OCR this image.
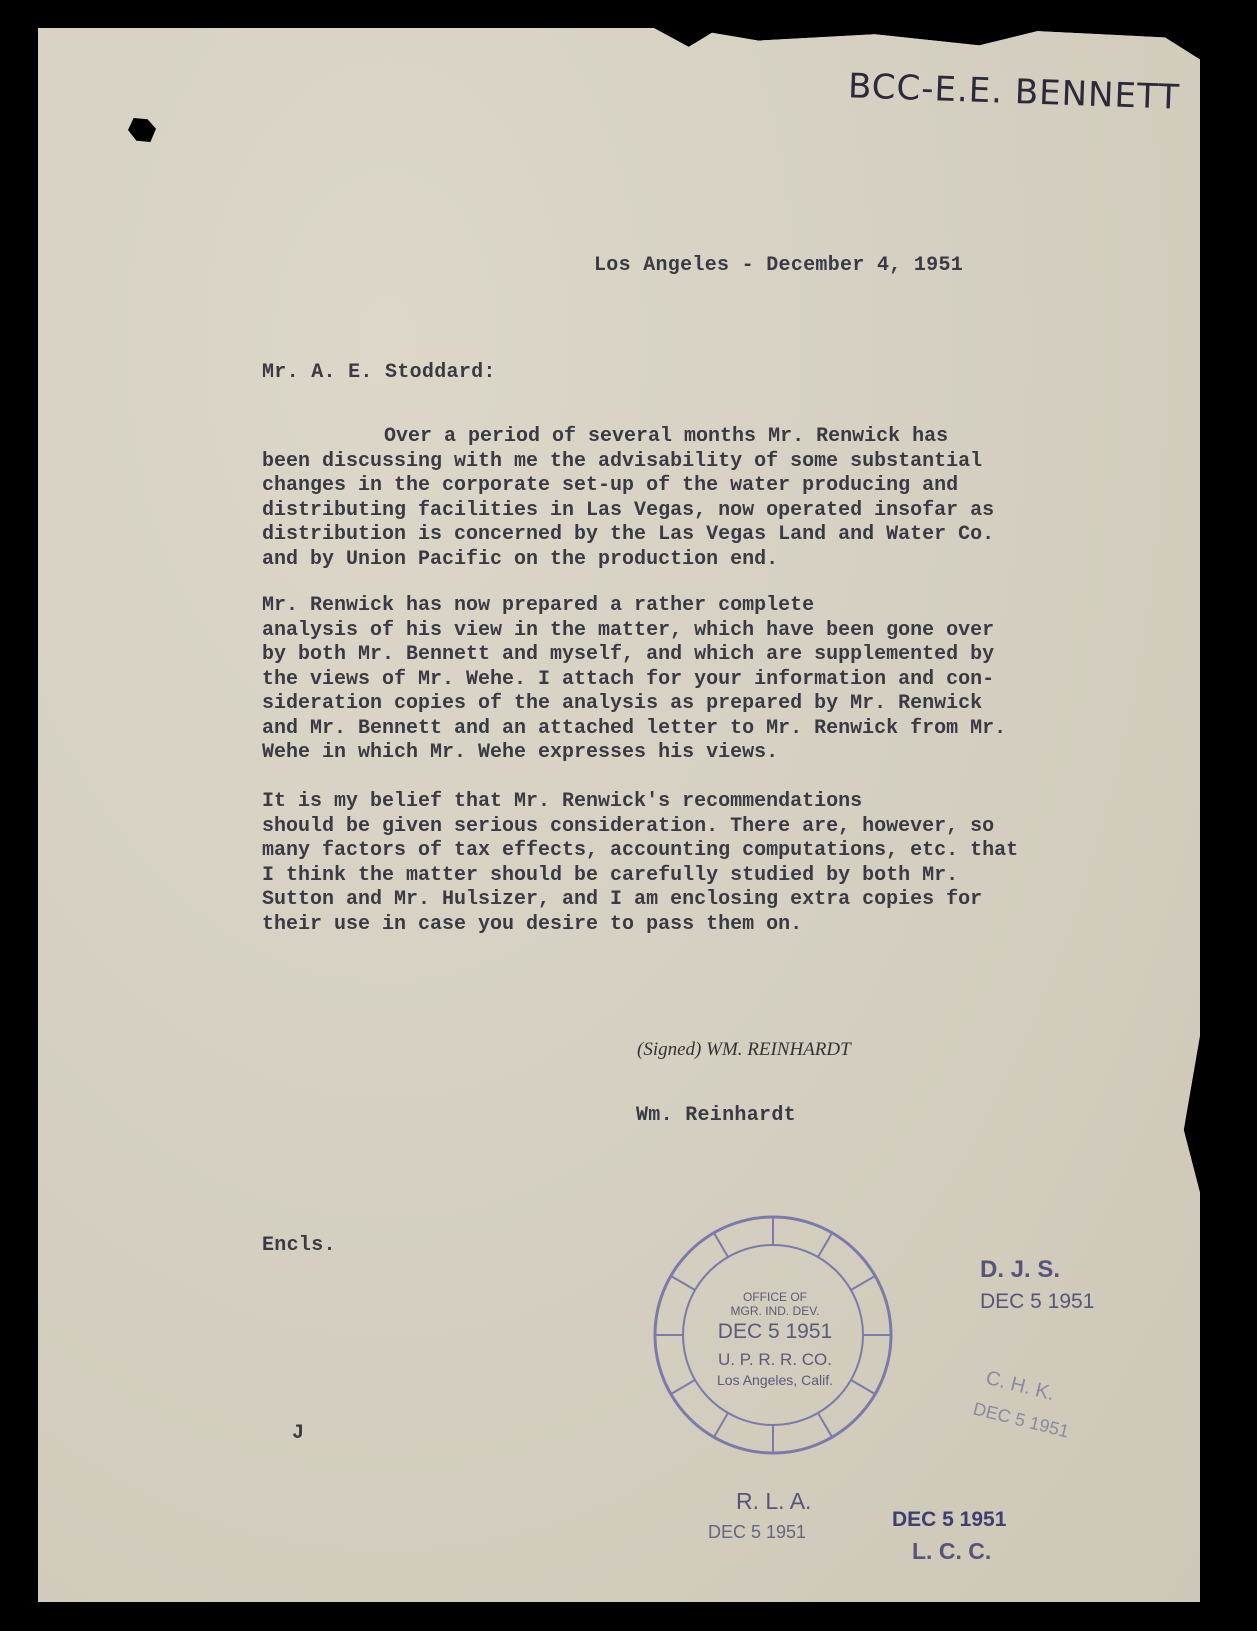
BCC-E.E. BENNETT
Los Angeles - December 4, 1951
Mr. A. E. Stoddard:
Over a period of several months Mr. Renwick has
been discussing with me the advisability of some substantial
changes in the corporate set-up of the water producing and
distributing facilities in Las Vegas, now operated insofar as
distribution is concerned by the Las Vegas Land and Water Co.
and by Union Pacific on the production end.
Mr. Renwick has now prepared a rather complete
analysis of his view in the matter, which have been gone over
by both Mr. Bennett and myself, and which are supplemented by
the views of Mr. Wehe. I attach for your information and con-
sideration copies of the analysis as prepared by Mr. Renwick
and Mr. Bennett and an attached letter to Mr. Renwick from Mr.
Wehe in which Mr. Wehe expresses his views.
It is my belief that Mr. Renwick's recommendations
should be given serious consideration. There are, however, so
many factors of tax effects, accounting computations, etc. that
I think the matter should be carefully studied by both Mr.
Sutton and Mr. Hulsizer, and I am enclosing extra copies for
their use in case you desire to pass them on.
(Signed) WM. REINHARDT
Wm. Reinhardt
Encls.
J
OFFICE OF
MGR. IND. DEV.
DEC 5 1951
U. P. R. R. CO.
Los Angeles, Calif.
D. J. S.
DEC 5 1951
C. H. K.
DEC 5 1951
R. L. A.
DEC 5 1951
DEC 5 1951
L. C. C.
